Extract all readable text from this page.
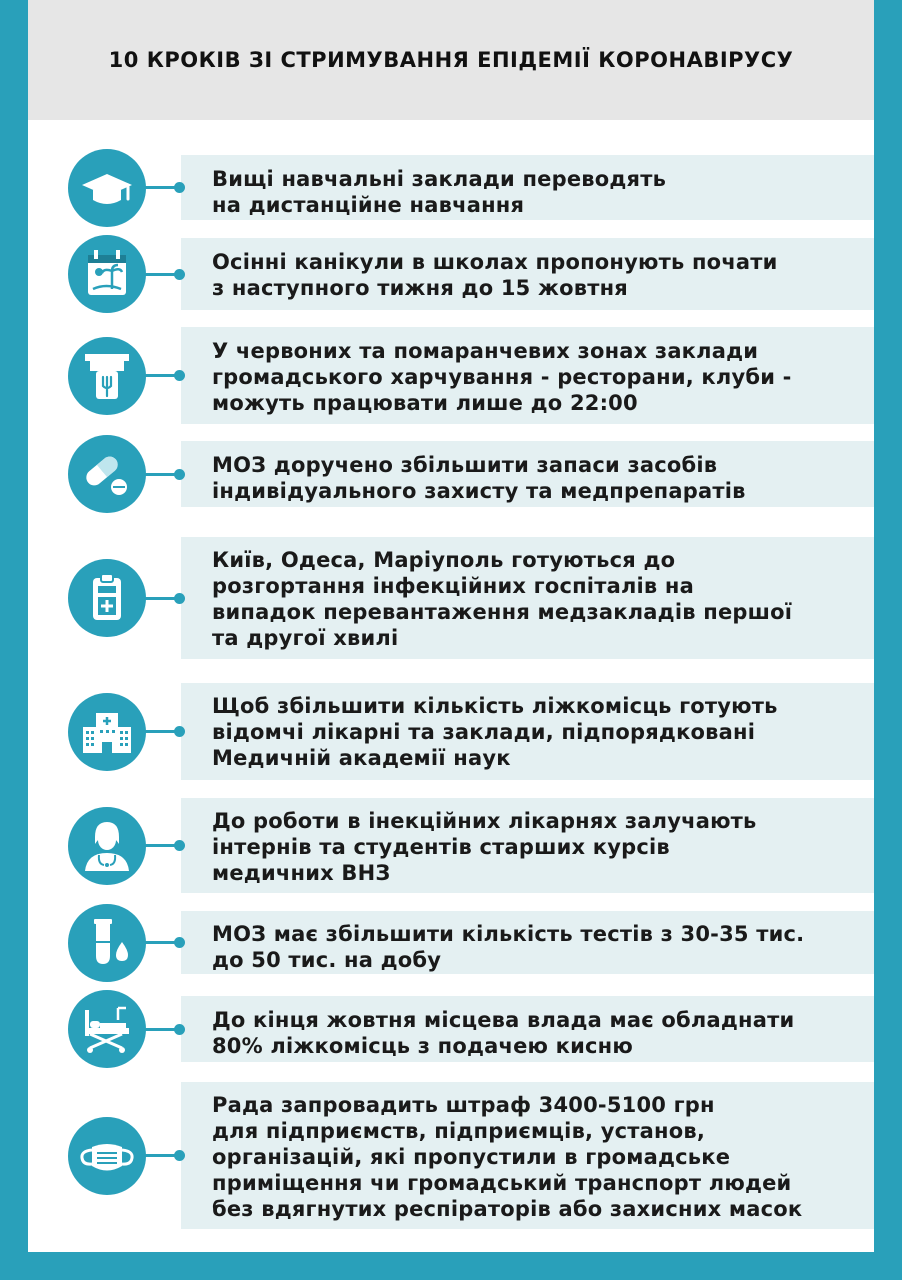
10 КРОКІВ ЗІ СТРИМУВАННЯ ЕПІДЕМІЇ КОРОНАВІРУСУ
Вищі навчальні заклади переводять
на дистанційне навчання
Осінні канікули в школах пропонують почати
з наступного тижня до 15 жовтня
У червоних та помаранчевих зонах заклади
громадського харчування - ресторани, клуби -
можуть працювати лише до 22:00
МОЗ доручено збільшити запаси засобів
індивідуального захисту та медпрепаратів
Київ, Одеса, Маріуполь готуються до
розгортання інфекційних госпіталів на
випадок перевантаження медзакладів першої
та другої хвилі
Щоб збільшити кількість ліжкомісць готують
відомчі лікарні та заклади, підпорядковані
Медичній академії наук
До роботи в інекційних лікарнях залучають
інтернів та студентів старших курсів
медичних ВНЗ
МОЗ має збільшити кількість тестів з 30-35 тис.
до 50 тис. на добу
До кінця жовтня місцева влада має обладнати
80% ліжкомісць з подачею кисню
Рада запровадить штраф 3400-5100 грн
для підприємств, підприємців, установ,
організацій, які пропустили в громадське
приміщення чи громадський транспорт людей
без вдягнутих респіраторів або захисних масок
